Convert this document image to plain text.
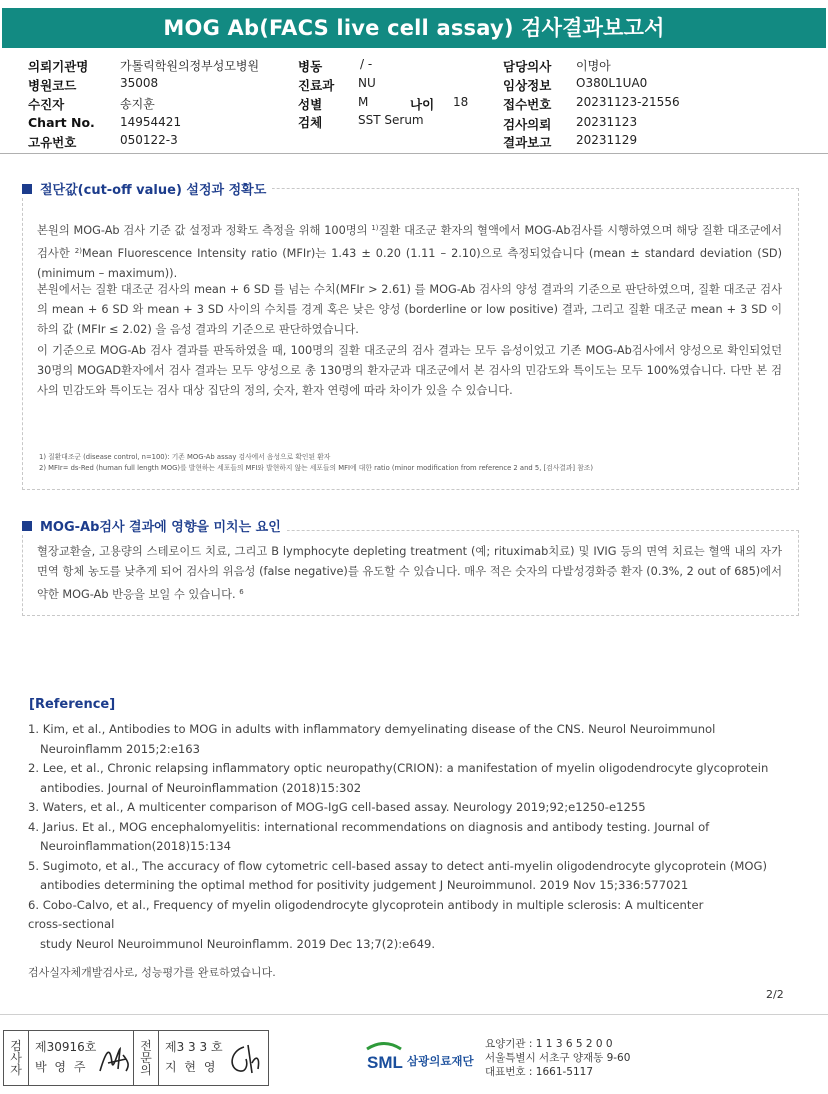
MOG Ab(FACS live cell assay) 검사결과보고서
의뢰기관명	가톨릭학원의정부성모병원
병원코드	35008
수진자	송지훈
Chart No. 14954421
고유번호	050122-3
병동	/ -
진료과 NU
성별	M	나이 18
검체	SST Serum
담당의사 이명아
임상정보 O380L1UA0
접수번호 20231123-21556
검사의뢰 20231123
결과보고 20231129
절단값(cut-off value) 설정과 정확도
본원의 MOG-Ab 검사 기준 값 설정과 정확도 측정을 위해 100명의 $^{1)}$질환 대조군 환자의 혈액에서 MOG-Ab검사를 시행하였으며 해당 질환 대조군에서 검사한 $^{2)}$Mean Fluorescence Intensity ratio (MFIr)는 1.43 ± 0.20 (1.11 – 2.10)으로 측정되었습니다 (mean ± standard deviation (SD) (minimum – maximum)).
본원에서는 질환 대조군 검사의 mean + 6 SD 를 넘는 수치(MFIr > 2.61) 를 MOG-Ab 검사의 양성 결과의 기준으로 판단하였으며, 질환 대조군 검사의 mean + 6 SD 와 mean + 3 SD 사이의 수치를 경계 혹은 낮은 양성 (borderline or low positive) 결과, 그리고 질환 대조군 mean + 3 SD 이하의 값 (MFIr ≤ 2.02) 을 음성 결과의 기준으로 판단하였습니다.
이 기준으로 MOG-Ab 검사 결과를 판독하였을 때, 100명의 질환 대조군의 검사 결과는 모두 음성이었고 기존 MOG-Ab검사에서 양성으로 확인되었던 30명의 MOGAD환자에서 검사 결과는 모두 양성으로 총 130명의 환자군과 대조군에서 본 검사의 민감도와 특이도는 모두 100%였습니다. 다만 본 검사의 민감도와 특이도는 검사 대상 집단의 정의, 숫자, 환자 연령에 따라 차이가 있을 수 있습니다.
1) 질환대조군 (disease control, n=100): 기존 MOG-Ab assay 검사에서 음성으로 확인된 환자
2) MFIr= ds-Red (human full length MOG)를 발현하는 세포들의 MFI와 발현하지 않는 세포들의 MFI에 대한 ratio (minor modification from reference 2 and 5, [검사결과] 참조)
MOG-Ab검사 결과에 영향을 미치는 요인
혈장교환술, 고용량의 스테로이드 치료, 그리고 B lymphocyte depleting treatment (예; rituximab치료) 및 IVIG 등의 면역 치료는 혈액 내의 자가면역 항체 농도를 낮추게 되어 검사의 위음성 (false negative)를 유도할 수 있습니다. 매우 적은 숫자의 다발성경화증 환자 (0.3%, 2 out of 685)에서 약한 MOG-Ab 반응을 보일 수 있습니다. $^6$
[Reference]
1. Kim, et al., Antibodies to MOG in adults with inflammatory demyelinating disease of the CNS. Neurol Neuroimmunol
Neuroinflamm 2015;2:e163
2. Lee, et al., Chronic relapsing inflammatory optic neuropathy(CRION): a manifestation of myelin oligodendrocyte glycoprotein
antibodies. Journal of Neuroinflammation (2018)15:302
3. Waters, et al., A multicenter comparison of MOG-IgG cell-based assay. Neurology 2019;92;e1250-e1255
4. Jarius. Et al., MOG encephalomyelitis: international recommendations on diagnosis and antibody testing. Journal of
Neuroinflammation(2018)15:134
5. Sugimoto, et al., The accuracy of flow cytometric cell-based assay to detect anti-myelin oligodendrocyte glycoprotein (MOG)
antibodies determining the optimal method for positivity judgement J Neuroimmunol. 2019 Nov 15;336:577021
6. Cobo-Calvo, et al., Frequency of myelin oligodendrocyte glycoprotein antibody in multiple sclerosis: A multicenter
cross-sectional
study Neurol Neuroimmunol Neuroinflamm. 2019 Dec 13;7(2):e649.
검사실자체개발검사로, 성능평가를 완료하였습니다.
2/2
검
사
자
제30916호
박 영 주
전
문
의
제3 3 3 호
지 현 영	SML 삼광의료재단
요양기관 : 1 1 3 6 5 2 0 0
서울특별시 서초구 양재동 9-60
대표번호 : 1661-5117
